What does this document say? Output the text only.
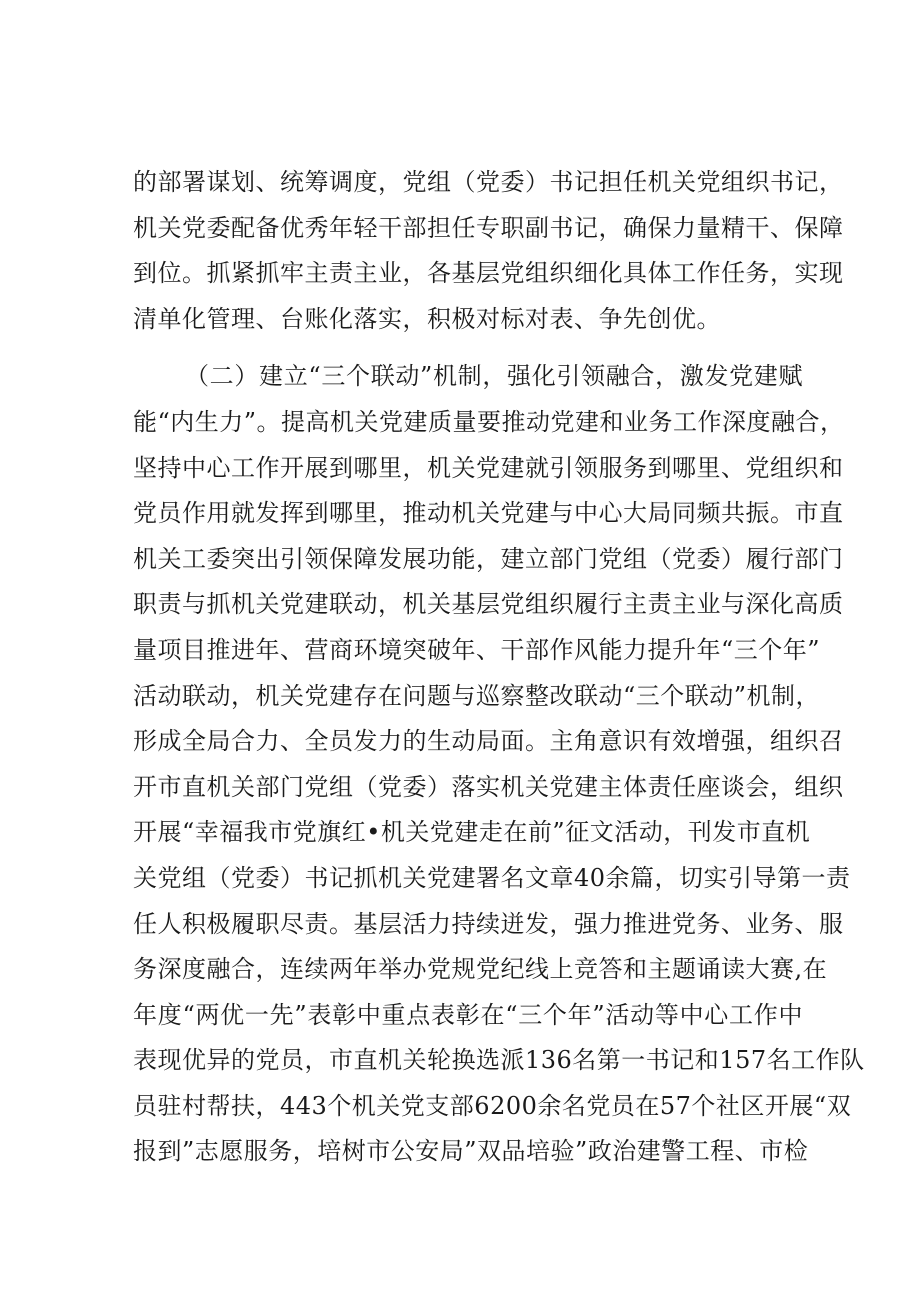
的部署谋划、统筹调度，党组（党委）书记担任机关党组织书记，
机关党委配备优秀年轻干部担任专职副书记，确保力量精干、保障
到位。抓紧抓牢主责主业，各基层党组织细化具体工作任务，实现
清单化管理、台账化落实，积极对标对表、争先创优。
（二）建立“三个联动”机制，强化引领融合，激发党建赋
能“内生力”。提高机关党建质量要推动党建和业务工作深度融合，
坚持中心工作开展到哪里，机关党建就引领服务到哪里、党组织和
党员作用就发挥到哪里，推动机关党建与中心大局同频共振。市直
机关工委突出引领保障发展功能，建立部门党组（党委）履行部门
职责与抓机关党建联动，机关基层党组织履行主责主业与深化高质
量项目推进年、营商环境突破年、干部作风能力提升年“三个年”
活动联动，机关党建存在问题与巡察整改联动“三个联动”机制，
形成全局合力、全员发力的生动局面。主角意识有效增强，组织召
开市直机关部门党组（党委）落实机关党建主体责任座谈会，组织
开展“幸福我市党旗红•机关党建走在前”征文活动，刊发市直机
关党组（党委）书记抓机关党建署名文章40余篇，切实引导第一责
任人积极履职尽责。基层活力持续迸发，强力推进党务、业务、服
务深度融合，连续两年举办党规党纪线上竞答和主题诵读大赛,在
年度“两优一先”表彰中重点表彰在“三个年”活动等中心工作中
表现优异的党员，市直机关轮换选派136名第一书记和157名工作队
员驻村帮扶，443个机关党支部6200余名党员在57个社区开展“双
报到”志愿服务，培树市公安局”双品培验”政治建警工程、市检
